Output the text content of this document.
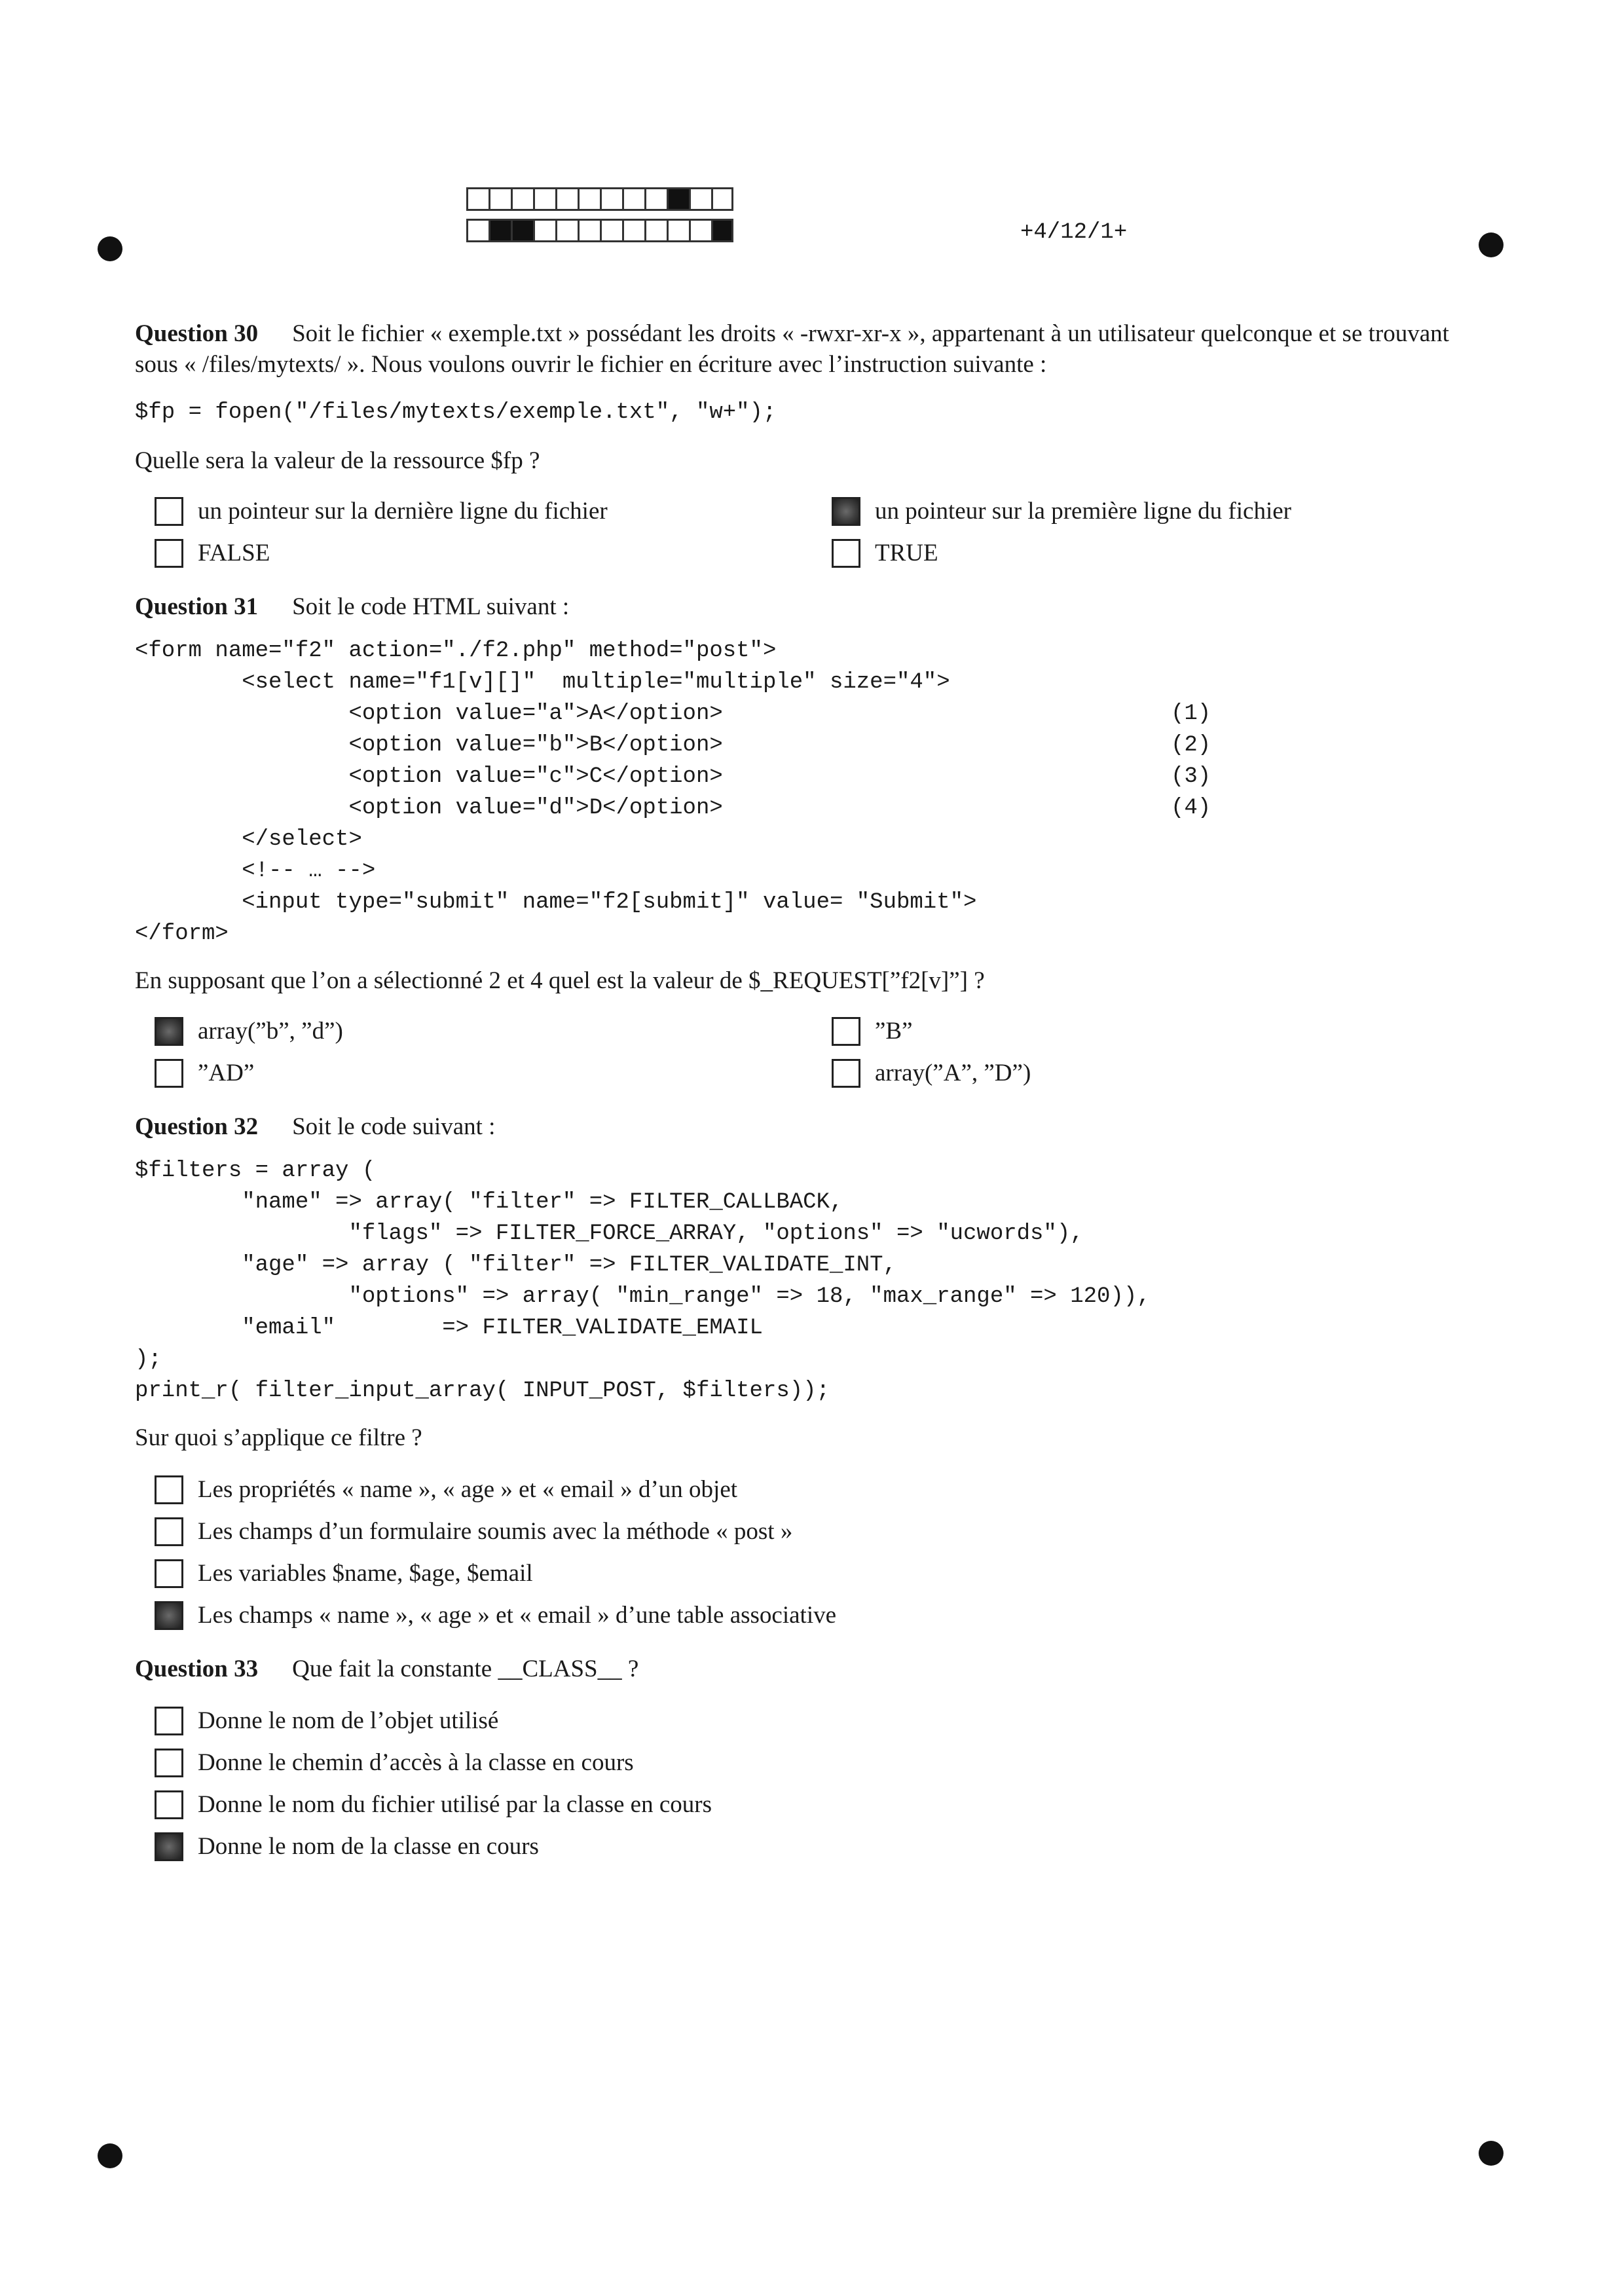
+4/12/1+

Question 30 Soit le fichier « exemple.txt » possédant les droits « -rwxr-xr-x », appartenant à un utilisateur quelconque et se trouvant sous « /files/mytexts/ ». Nous voulons ouvrir le fichier en écriture avec l’instruction suivante :

$fp = fopen("/files/mytexts/exemple.txt", "w+");

Quelle sera la valeur de la ressource $fp ?

un pointeur sur la dernière ligne du fichier	un pointeur sur la première ligne du fichier
FALSE	TRUE

Question 31 Soit le code HTML suivant :

<form name="f2" action="./f2.php" method="post">
<select name="f1[v][]"  multiple="multiple" size="4">
<option value="a">A</option>
<option value="b">B</option>
<option value="c">C</option>
<option value="d">D</option>
</select>
<!-- … -->
<input type="submit" name="f2[submit]" value= "Submit">
</form>
(1)
(2)
(3)
(4)

En supposant que l’on a sélectionné 2 et 4 quel est la valeur de $_REQUEST[”f2[v]”] ?

array(”b”, ”d”)	”B”
”AD”	array(”A”, ”D”)

Question 32 Soit le code suivant :

$filters = array (
"name" => array( "filter" => FILTER_CALLBACK,
"flags" => FILTER_FORCE_ARRAY, "options" => "ucwords"),
"age" => array ( "filter" => FILTER_VALIDATE_INT,
"options" => array( "min_range" => 18, "max_range" => 120)),
"email"        => FILTER_VALIDATE_EMAIL
);
print_r( filter_input_array( INPUT_POST, $filters));

Sur quoi s’applique ce filtre ?

Les propriétés « name », « age » et « email » d’un objet
Les champs d’un formulaire soumis avec la méthode « post »
Les variables $name, $age, $email
Les champs « name », « age » et « email » d’une table associative

Question 33 Que fait la constante __CLASS__ ?

Donne le nom de l’objet utilisé
Donne le chemin d’accès à la classe en cours
Donne le nom du fichier utilisé par la classe en cours
Donne le nom de la classe en cours
